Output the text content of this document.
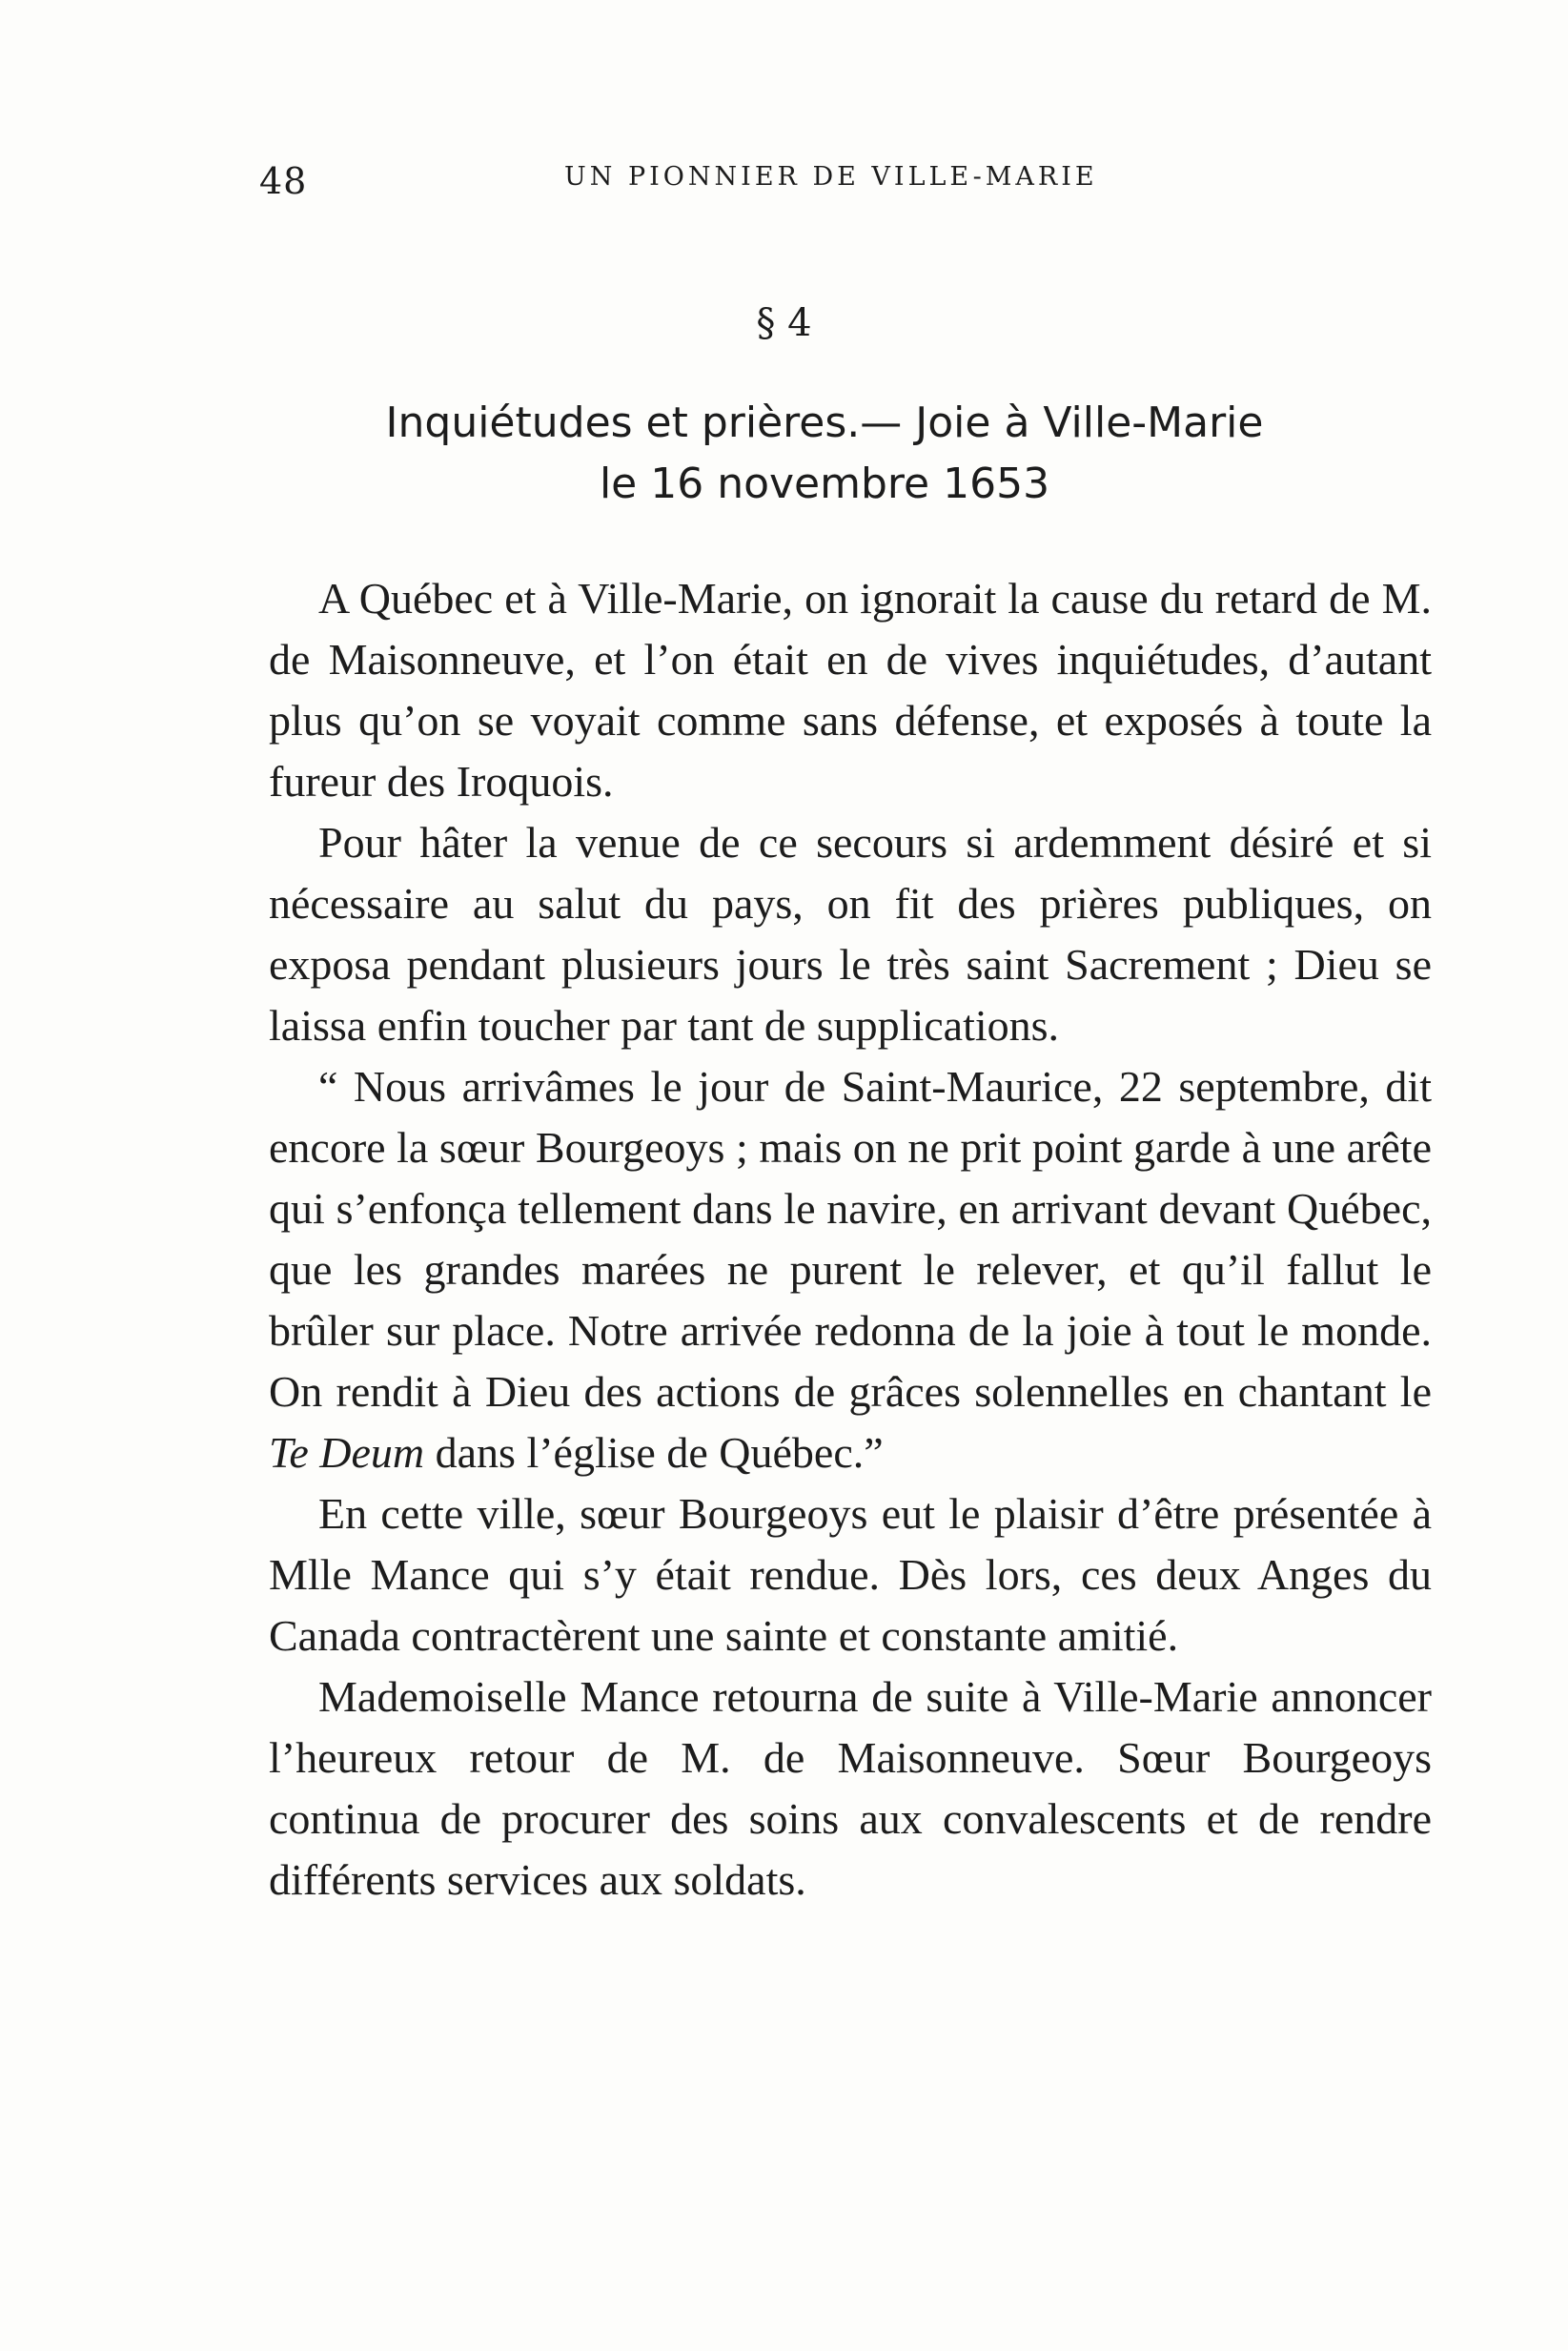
48	UN PIONNIER DE VILLE-MARIE
§ 4
Inquiétudes et prières.— Joie à Ville-Marie
le 16 novembre 1653

A Québec et à Ville-Marie, on ignorait la cause du retard de M. de Maisonneuve, et l’on était en de vives inquiétudes, d’autant plus qu’on se voyait comme sans défense, et exposés à toute la fureur des Iroquois.

Pour hâter la venue de ce secours si ardemment désiré et si nécessaire au salut du pays, on fit des prières publiques, on exposa pendant plusieurs jours le très saint Sacrement ; Dieu se laissa enfin toucher par tant de supplications.

“ Nous arrivâmes le jour de Saint-Maurice, 22 septembre, dit encore la sœur Bourgeoys ; mais on ne prit point garde à une arête qui s’enfonça tellement dans le navire, en arrivant devant Québec, que les grandes marées ne purent le relever, et qu’il fallut le brûler sur place. Notre arrivée redonna de la joie à tout le monde. On rendit à Dieu des actions de grâces solennelles en chantant le Te Deum dans l’église de Québec.”

En cette ville, sœur Bourgeoys eut le plaisir d’être présentée à Mlle Mance qui s’y était rendue. Dès lors, ces deux Anges du Canada contractèrent une sainte et constante amitié.

Mademoiselle Mance retourna de suite à Ville-Marie annoncer l’heureux retour de M. de Maisonneuve. Sœur Bourgeoys continua de procurer des soins aux convalescents et de rendre différents services aux soldats.
